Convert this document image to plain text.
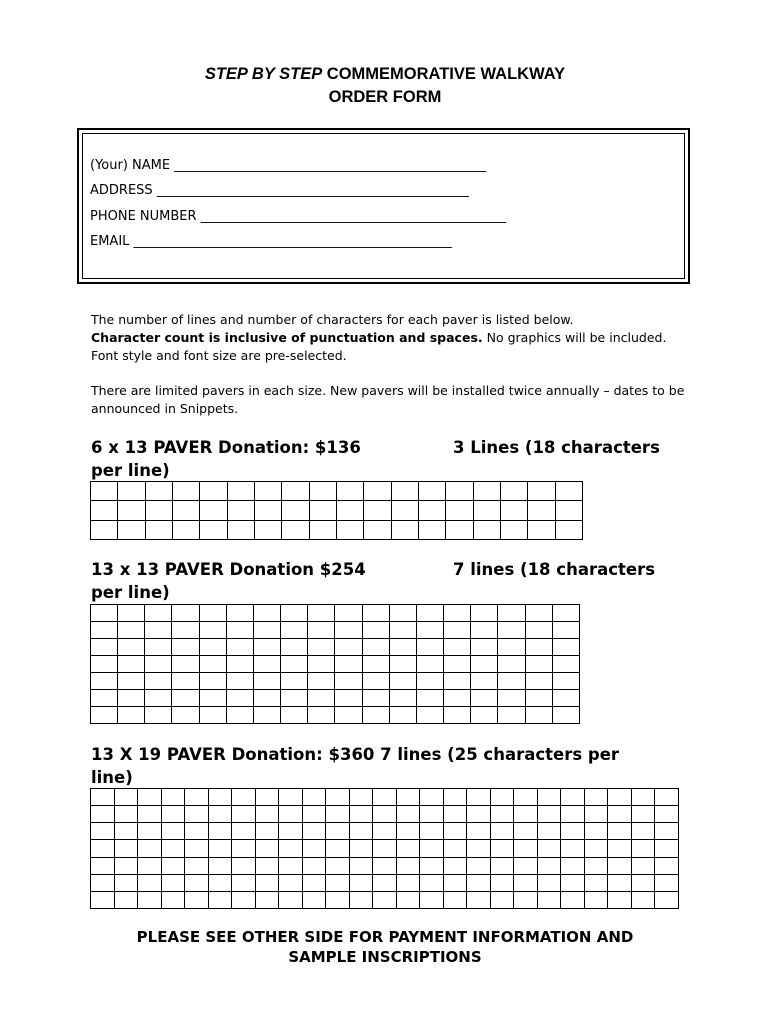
STEP BY STEP COMMEMORATIVE WALKWAY
ORDER FORM
(Your) NAME ________________________________________________
ADDRESS ________________________________________________
PHONE NUMBER _______________________________________________
EMAIL _________________________________________________
The number of lines and number of characters for each paver is listed below.
Character count is inclusive of punctuation and spaces. No graphics will be included. Font style and font size are pre-selected.
There are limited pavers in each size. New pavers will be installed twice annually – dates to be announced in Snippets.
6 x 13 PAVER Donation: $136	3 Lines (18 characters
per line)

13 x 13 PAVER Donation $254	7 lines (18 characters
per line)

13 X 19 PAVER Donation: $360 7 lines (25 characters per
line)

PLEASE SEE OTHER SIDE FOR PAYMENT INFORMATION AND
SAMPLE INSCRIPTIONS
